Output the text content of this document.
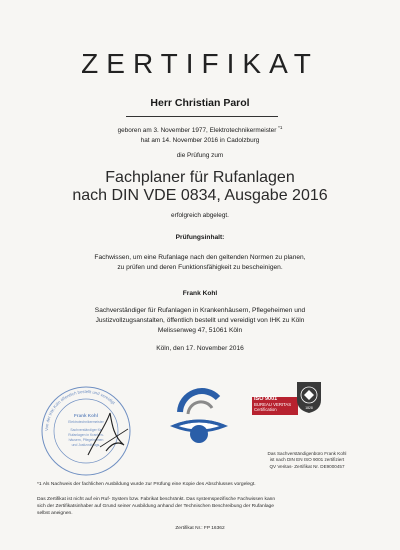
ZERTIFIKAT
Herr Christian Parol
geboren am 3. November 1977, Elektrotechnikermeister $^{*1}$
hat am 14. November 2016 in Cadolzburg
die Prüfung zum
Fachplaner für Rufanlagen
nach DIN VDE 0834, Ausgabe 2016
erfolgreich abgelegt.
Prüfungsinhalt:
Fachwissen, um eine Rufanlage nach den geltenden Normen zu planen,
zu prüfen und deren Funktionsfähigkeit zu bescheinigen.
Frank Kohl
Sachverständiger für Rufanlagen in Krankenhäusern, Pflegeheimen und
Justizvollzugsanstalten, öffentlich bestellt und vereidigt von IHK zu Köln
Melissenweg 47, 51061 Köln
Köln, den 17. November 2016
Von der IHK Köln öffentlich bestellt und vereidigt
Frank Kohl
Elektrotechnikermeister
Sachverständiger für
Rufanlagen in Kranken-
häusern, Pflegeheimen
und Justizvollzugs-
ISO 9001
BUREAU VERITAS
Certification	1828
Das Sachverständigenbüro Frank Kohl
ist nach DIN EN ISO 9001 zertifiziert
QV Veritas- Zertifikat Nr. DE9000457
*1 Als Nachweis der fachlichen Ausbildung wurde zur Prüfung eine Kopie des Abschlusses vorgelegt.
Das Zertifikat ist nicht auf ein Ruf- System bzw. Fabrikat beschränkt. Das systemspezifische Fachwissen kann
sich der Zertifikatsinhaber auf Grund seiner Ausbildung anhand der Technischen Beschreibung der Rufanlage
selbst aneignen.
Zertifikat Nr.: FP 16362
